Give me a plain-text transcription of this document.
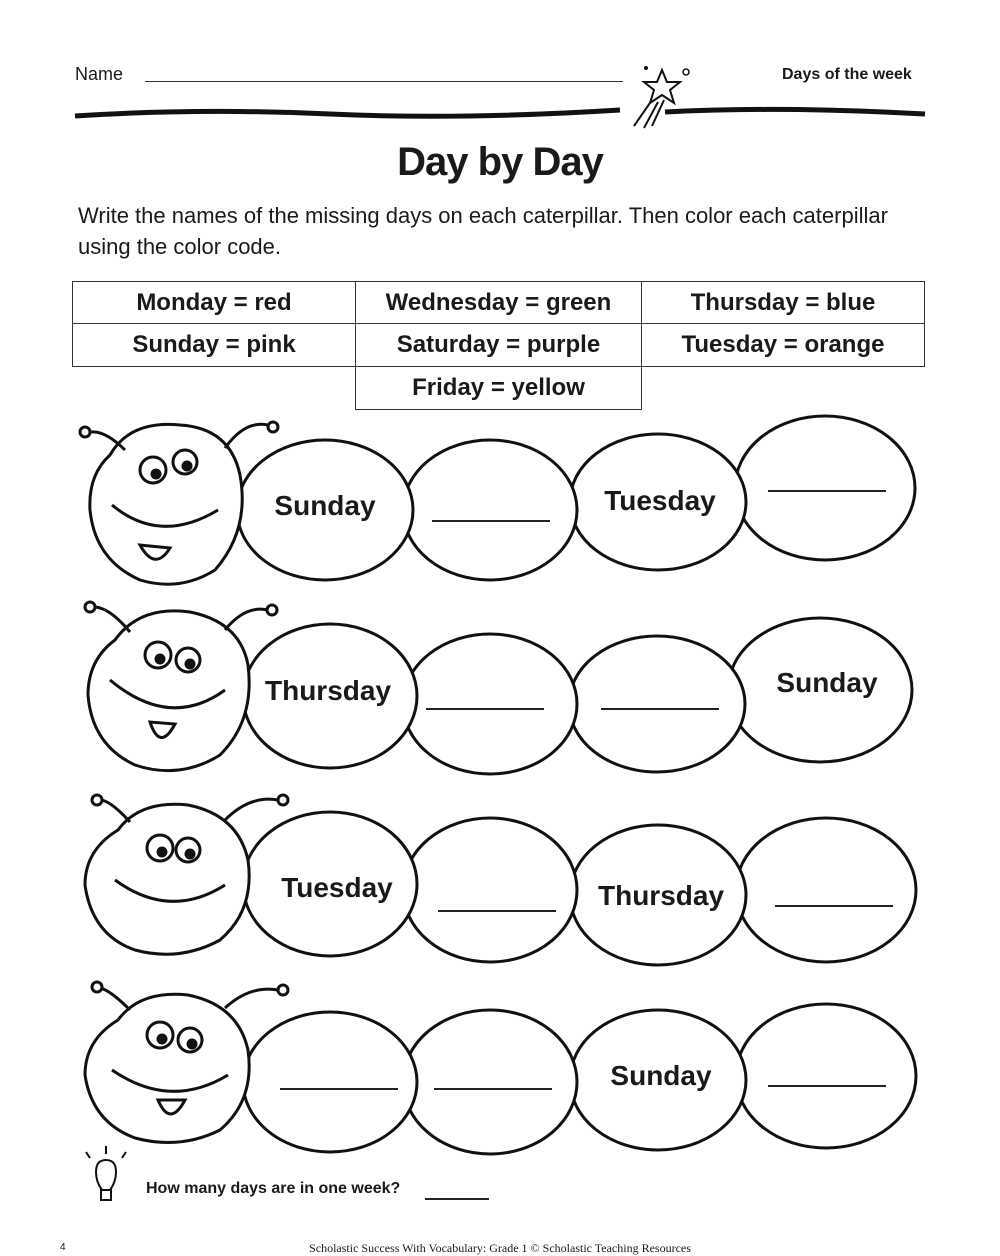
Name	Days of the week
Day by Day
Write the names of the missing days on each caterpillar. Then color each caterpillar using the color code.
Monday = red	Wednesday = green	Thursday = blue
Sunday = pink	Saturday = purple	Tuesday = orange
Friday = yellow
Sunday	Tuesday
Thursday	Sunday
Tuesday	Thursday
Sunday
How many days are in one week?
4	Scholastic Success With Vocabulary: Grade 1 © Scholastic Teaching Resources
